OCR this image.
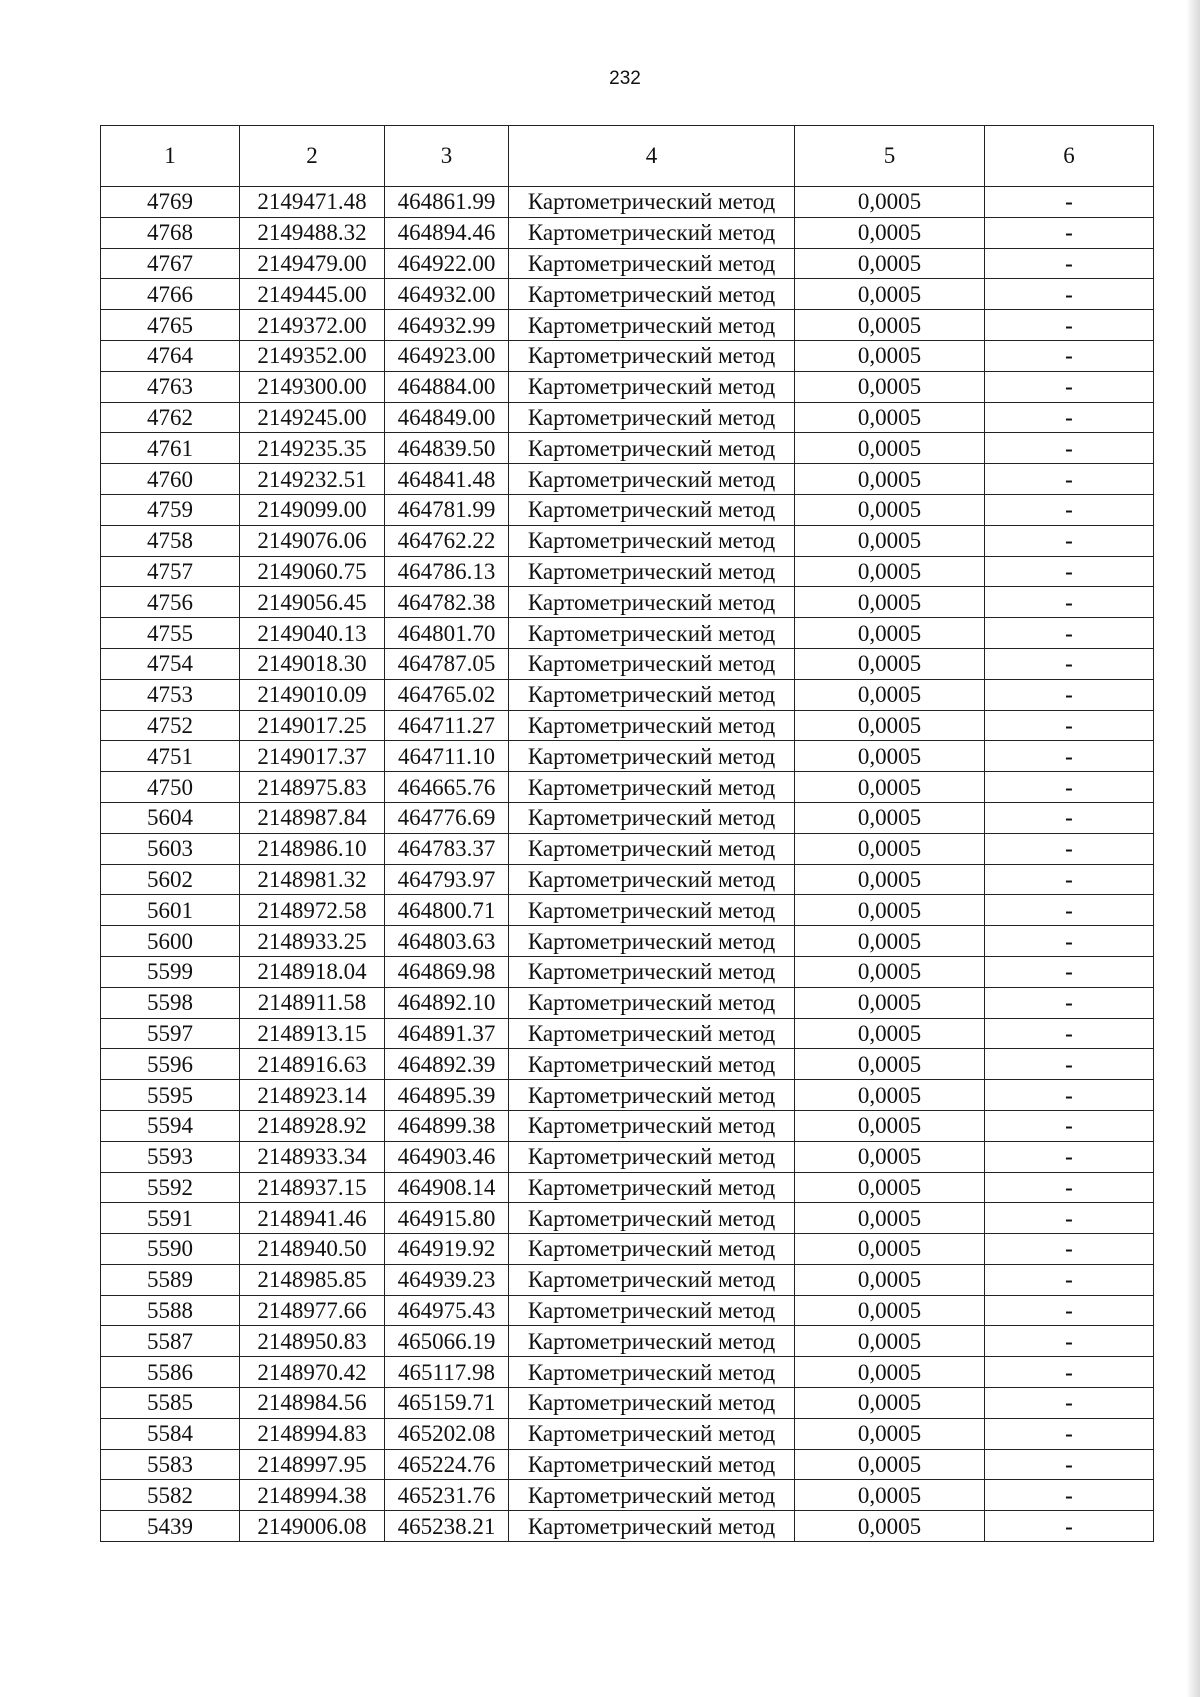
232
1	2	3	4	5	6
4769	2149471.48	464861.99	Картометрический метод	0,0005	-
4768	2149488.32	464894.46	Картометрический метод	0,0005	-
4767	2149479.00	464922.00	Картометрический метод	0,0005	-
4766	2149445.00	464932.00	Картометрический метод	0,0005	-
4765	2149372.00	464932.99	Картометрический метод	0,0005	-
4764	2149352.00	464923.00	Картометрический метод	0,0005	-
4763	2149300.00	464884.00	Картометрический метод	0,0005	-
4762	2149245.00	464849.00	Картометрический метод	0,0005	-
4761	2149235.35	464839.50	Картометрический метод	0,0005	-
4760	2149232.51	464841.48	Картометрический метод	0,0005	-
4759	2149099.00	464781.99	Картометрический метод	0,0005	-
4758	2149076.06	464762.22	Картометрический метод	0,0005	-
4757	2149060.75	464786.13	Картометрический метод	0,0005	-
4756	2149056.45	464782.38	Картометрический метод	0,0005	-
4755	2149040.13	464801.70	Картометрический метод	0,0005	-
4754	2149018.30	464787.05	Картометрический метод	0,0005	-
4753	2149010.09	464765.02	Картометрический метод	0,0005	-
4752	2149017.25	464711.27	Картометрический метод	0,0005	-
4751	2149017.37	464711.10	Картометрический метод	0,0005	-
4750	2148975.83	464665.76	Картометрический метод	0,0005	-
5604	2148987.84	464776.69	Картометрический метод	0,0005	-
5603	2148986.10	464783.37	Картометрический метод	0,0005	-
5602	2148981.32	464793.97	Картометрический метод	0,0005	-
5601	2148972.58	464800.71	Картометрический метод	0,0005	-
5600	2148933.25	464803.63	Картометрический метод	0,0005	-
5599	2148918.04	464869.98	Картометрический метод	0,0005	-
5598	2148911.58	464892.10	Картометрический метод	0,0005	-
5597	2148913.15	464891.37	Картометрический метод	0,0005	-
5596	2148916.63	464892.39	Картометрический метод	0,0005	-
5595	2148923.14	464895.39	Картометрический метод	0,0005	-
5594	2148928.92	464899.38	Картометрический метод	0,0005	-
5593	2148933.34	464903.46	Картометрический метод	0,0005	-
5592	2148937.15	464908.14	Картометрический метод	0,0005	-
5591	2148941.46	464915.80	Картометрический метод	0,0005	-
5590	2148940.50	464919.92	Картометрический метод	0,0005	-
5589	2148985.85	464939.23	Картометрический метод	0,0005	-
5588	2148977.66	464975.43	Картометрический метод	0,0005	-
5587	2148950.83	465066.19	Картометрический метод	0,0005	-
5586	2148970.42	465117.98	Картометрический метод	0,0005	-
5585	2148984.56	465159.71	Картометрический метод	0,0005	-
5584	2148994.83	465202.08	Картометрический метод	0,0005	-
5583	2148997.95	465224.76	Картометрический метод	0,0005	-
5582	2148994.38	465231.76	Картометрический метод	0,0005	-
5439	2149006.08	465238.21	Картометрический метод	0,0005	-
